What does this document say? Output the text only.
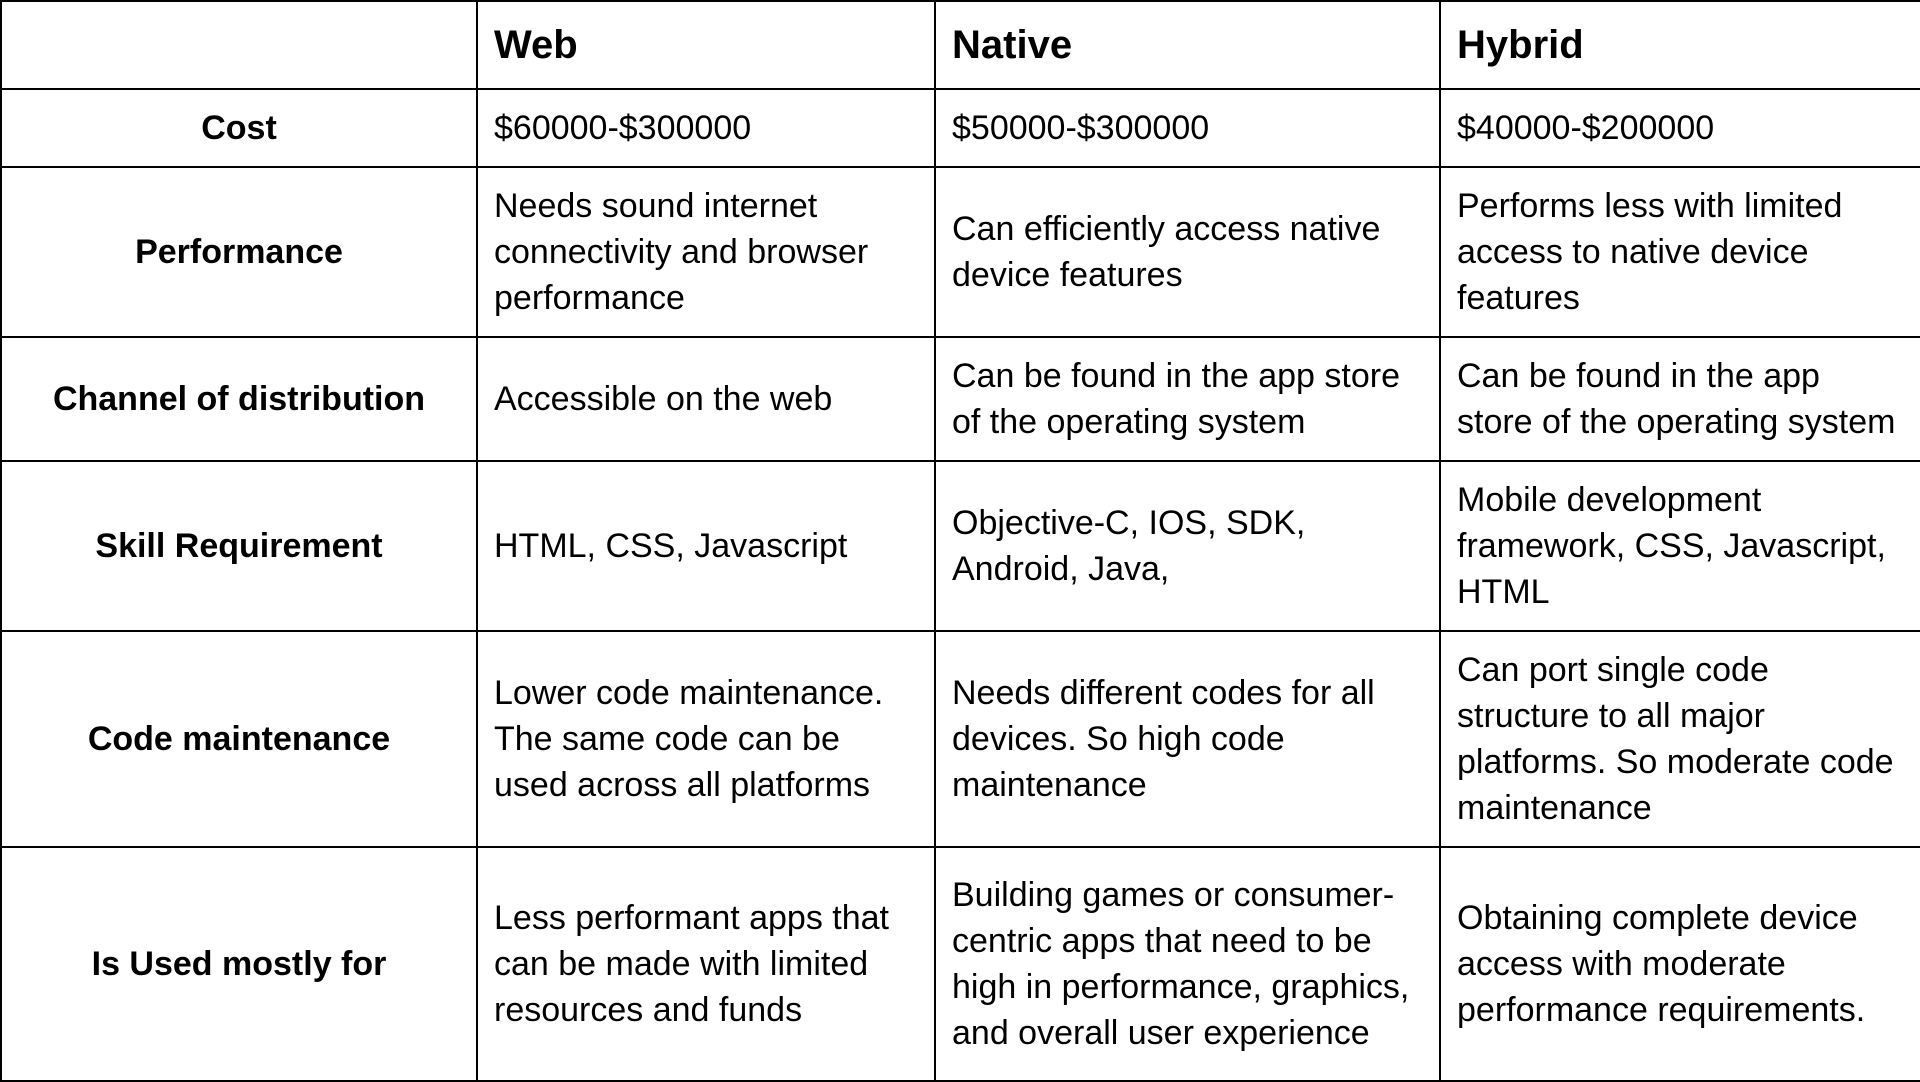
	Web	Native	Hybrid
Cost	$60000-$300000	$50000-$300000	$40000-$200000
Performance	Needs sound internet connectivity and browser performance	Can efficiently access native device features	Performs less with limited access to native device features
Channel of distribution	Accessible on the web	Can be found in the app store of the operating system	Can be found in the app store of the operating system
Skill Requirement	HTML, CSS, Javascript	Objective-C, IOS, SDK, Android, Java,	Mobile development framework, CSS, Javascript, HTML
Code maintenance	Lower code maintenance. The same code can be used across all platforms	Needs different codes for all devices. So high code maintenance	Can port single code structure to all major platforms. So moderate code maintenance
Is Used mostly for	Less performant apps that can be made with limited resources and funds	Building games or consumer-centric apps that need to be high in performance, graphics, and overall user experience	Obtaining complete device access with moderate performance requirements.
